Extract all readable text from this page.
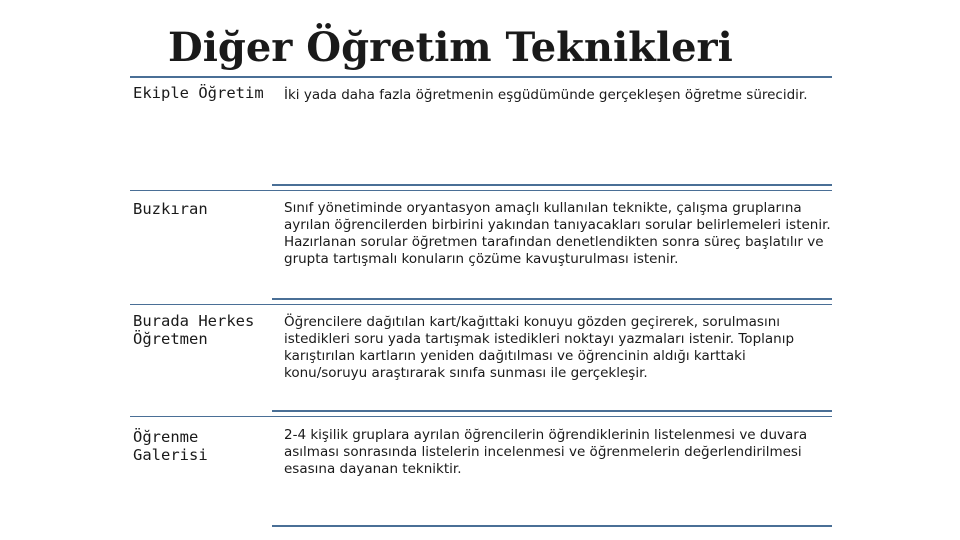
Diğer Öğretim Teknikleri

Ekiple Öğretim	İki yada daha fazla öğretmenin eşgüdümünde gerçekleşen öğretme sürecidir.

Buzkıran	Sınıf yönetiminde oryantasyon amaçlı kullanılan teknikte, çalışma gruplarına ayrılan öğrencilerden birbirini yakından tanıyacakları sorular belirlemeleri istenir. Hazırlanan sorular öğretmen tarafından denetlendikten sonra süreç başlatılır ve grupta tartışmalı konuların çözüme kavuşturulması istenir.

Burada Herkes Öğretmen

Öğrencilere dağıtılan kart/kağıttaki konuyu gözden geçirerek, sorulmasını istedikleri soru yada tartışmak istedikleri noktayı yazmaları istenir. Toplanıp karıştırılan kartların yeniden dağıtılması ve öğrencinin aldığı karttaki konu/soruyu araştırarak sınıfa sunması ile gerçekleşir.

Öğrenme Galerisi

2-4 kişilik gruplara ayrılan öğrencilerin öğrendiklerinin listelenmesi ve duvara asılması sonrasında listelerin incelenmesi ve öğrenmelerin değerlendirilmesi esasına dayanan tekniktir.
